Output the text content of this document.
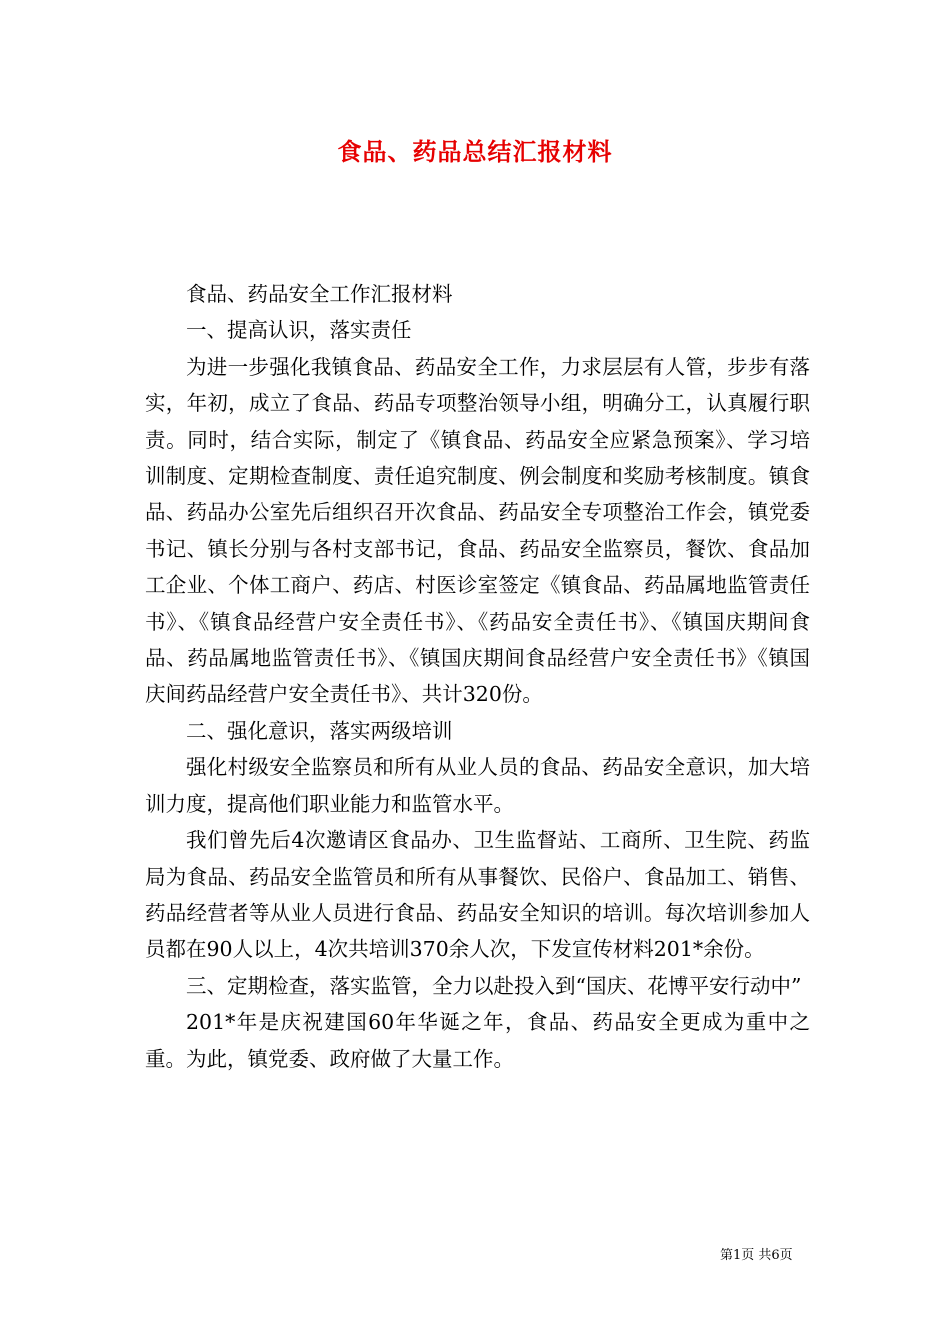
食品、药品总结汇报材料

食品、药品安全工作汇报材料

一、提高认识，落实责任

为进一步强化我镇食品、药品安全工作，力求层层有人管，步步有落实，年初，成立了食品、药品专项整治领导小组，明确分工，认真履行职责。同时，结合实际，制定了《镇食品、药品安全应紧急预案》、学习培训制度、定期检查制度、责任追究制度、例会制度和奖励考核制度。镇食品、药品办公室先后组织召开次食品、药品安全专项整治工作会，镇党委书记、镇长分别与各村支部书记，食品、药品安全监察员，餐饮、食品加工企业、个体工商户、药店、村医诊室签定《镇食品、药品属地监管责任书》、《镇食品经营户安全责任书》、《药品安全责任书》、《镇国庆期间食品、药品属地监管责任书》、《镇国庆期间食品经营户安全责任书》《镇国庆间药品经营户安全责任书》、共计320份。

二、强化意识，落实两级培训

强化村级安全监察员和所有从业人员的食品、药品安全意识，加大培训力度，提高他们职业能力和监管水平。

我们曾先后4次邀请区食品办、卫生监督站、工商所、卫生院、药监局为食品、药品安全监管员和所有从事餐饮、民俗户、食品加工、销售、药品经营者等从业人员进行食品、药品安全知识的培训。每次培训参加人员都在90人以上，4次共培训370余人次，下发宣传材料201*余份。

三、定期检查，落实监管，全力以赴投入到“国庆、花博平安行动中”

201*年是庆祝建国60年华诞之年，食品、药品安全更成为重中之重。为此，镇党委、政府做了大量工作。

第1页 共6页
